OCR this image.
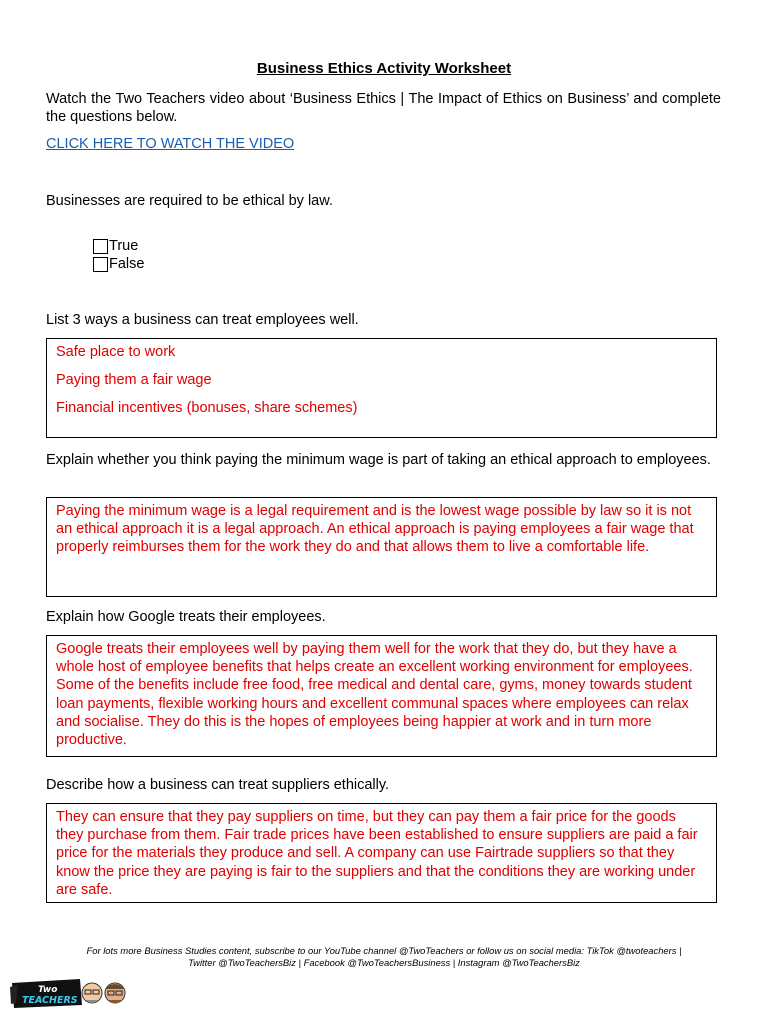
Business Ethics Activity Worksheet
Watch the Two Teachers video about ‘Business Ethics | The Impact of Ethics on Business’ and complete the questions below.
CLICK HERE TO WATCH THE VIDEO
Businesses are required to be ethical by law.
True
False
List 3 ways a business can treat employees well.

Safe place to work

Paying them a fair wage

Financial incentives (bonuses, share schemes)

Explain whether you think paying the minimum wage is part of taking an ethical approach to employees.

Paying the minimum wage is a legal requirement and is the lowest wage possible by law so it is not an ethical approach it is a legal approach. An ethical approach is paying employees a fair wage that properly reimburses them for the work they do and that allows them to live a comfortable life.

Explain how Google treats their employees.

Google treats their employees well by paying them well for the work that they do, but they have a whole host of employee benefits that helps create an excellent working environment for employees. Some of the benefits include free food, free medical and dental care, gyms, money towards student loan payments, flexible working hours and excellent communal spaces where employees can relax and socialise. They do this is the hopes of employees being happier at work and in turn more productive.

Describe how a business can treat suppliers ethically.

They can ensure that they pay suppliers on time, but they can pay them a fair price for the goods they purchase from them. Fair trade prices have been established to ensure suppliers are paid a fair price for the materials they produce and sell. A company can use Fairtrade suppliers so that they know the price they are paying is fair to the suppliers and that the conditions they are working under are safe.

For lots more Business Studies content, subscribe to our YouTube channel @TwoTeachers or follow us on social media: TikTok @twoteachers |
Twitter @TwoTeachersBiz | Facebook @TwoTeachersBusiness | Instagram @TwoTeachersBiz
Two
TEACHERS
